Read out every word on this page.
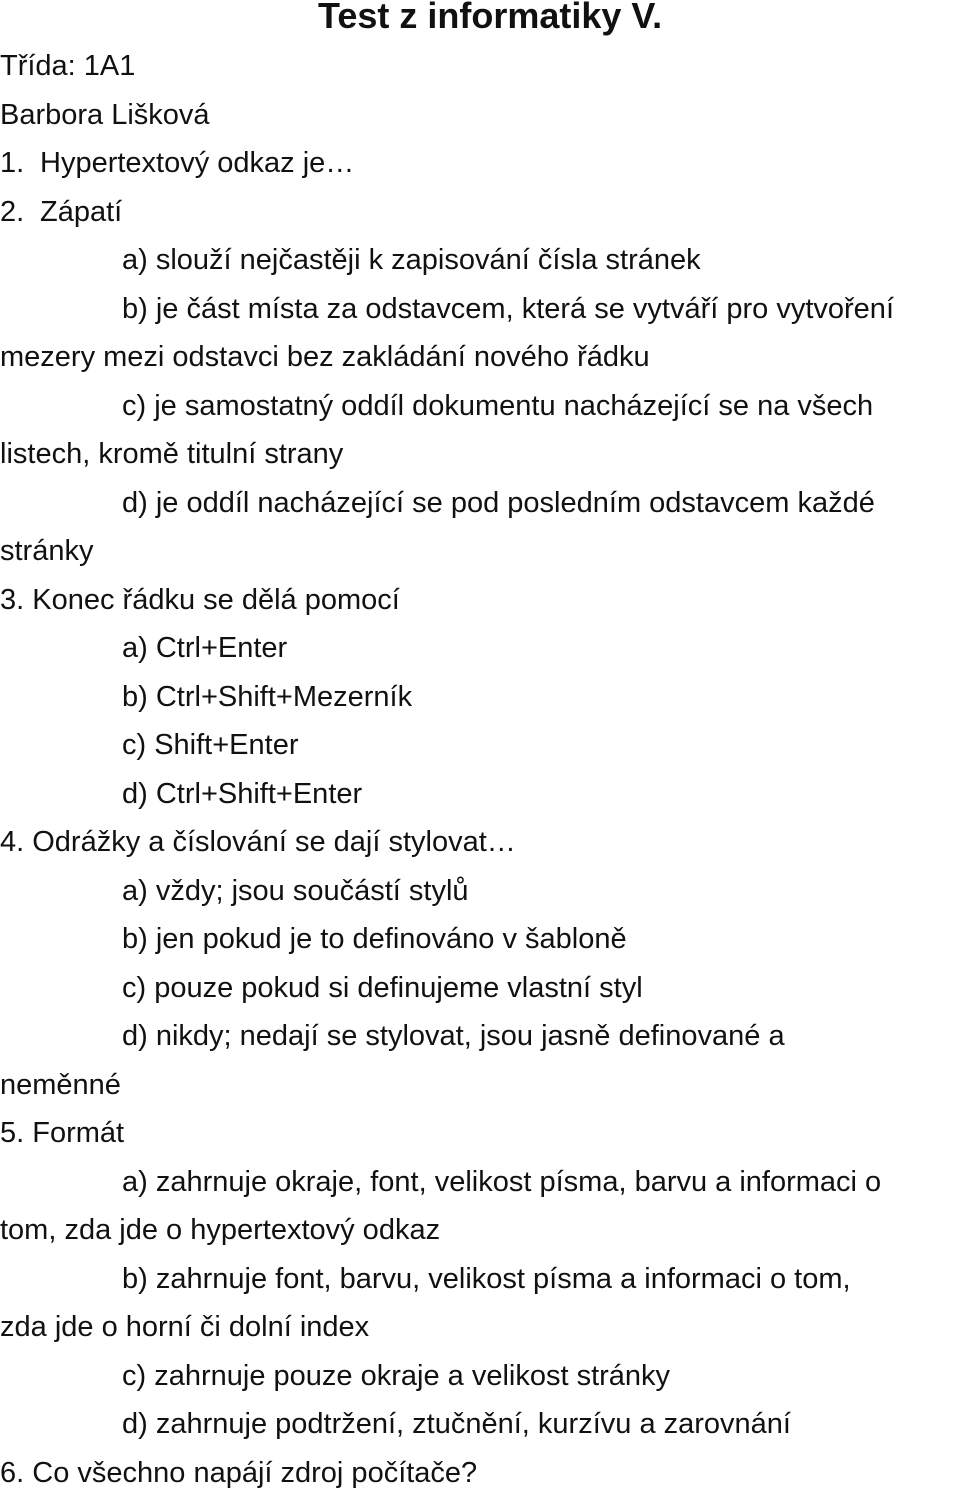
Test z informatiky V.
Třída: 1A1
Barbora Lišková
1. Hypertextový odkaz je…
2. Zápatí
a) slouží nejčastěji k zapisování čísla stránek
b) je část místa za odstavcem, která se vytváří pro vytvoření
mezery mezi odstavci bez zakládání nového řádku
c) je samostatný oddíl dokumentu nacházející se na všech
listech, kromě titulní strany
d) je oddíl nacházející se pod posledním odstavcem každé
stránky
3. Konec řádku se dělá pomocí
a) Ctrl+Enter
b) Ctrl+Shift+Mezerník
c) Shift+Enter
d) Ctrl+Shift+Enter
4. Odrážky a číslování se dají stylovat…
a) vždy; jsou součástí stylů
b) jen pokud je to definováno v šabloně
c) pouze pokud si definujeme vlastní styl
d) nikdy; nedají se stylovat, jsou jasně definované a
neměnné
5. Formát
a) zahrnuje okraje, font, velikost písma, barvu a informaci o
tom, zda jde o hypertextový odkaz
b) zahrnuje font, barvu, velikost písma a informaci o tom,
zda jde o horní či dolní index
c) zahrnuje pouze okraje a velikost stránky
d) zahrnuje podtržení, ztučnění, kurzívu a zarovnání
6. Co všechno napájí zdroj počítače?
